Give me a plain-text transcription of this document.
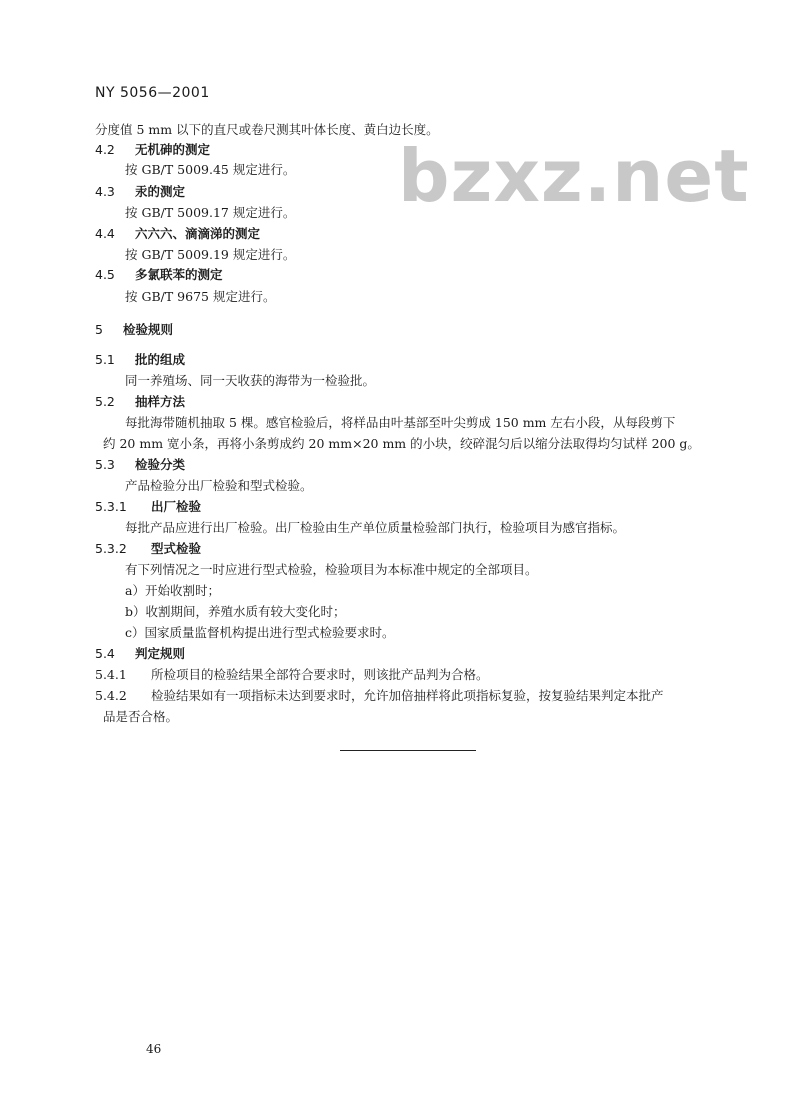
NY 5056—2001
bzxz.net
分度值 5 mm 以下的直尺或卷尺测其叶体长度、黄白边长度。
4.2 无机砷的测定
按 GB/T 5009.45 规定进行。
4.3 汞的测定
按 GB/T 5009.17 规定进行。
4.4 六六六、滴滴涕的测定
按 GB/T 5009.19 规定进行。
4.5 多氯联苯的测定
按 GB/T 9675 规定进行。
5 检验规则
5.1 批的组成
同一养殖场、同一天收获的海带为一检验批。
5.2 抽样方法
每批海带随机抽取 5 棵。感官检验后，将样品由叶基部至叶尖剪成 150 mm 左右小段，从每段剪下
约 20 mm 宽小条，再将小条剪成约 20 mm×20 mm 的小块，绞碎混匀后以缩分法取得均匀试样 200 g。
5.3 检验分类
产品检验分出厂检验和型式检验。
5.3.1 出厂检验
每批产品应进行出厂检验。出厂检验由生产单位质量检验部门执行，检验项目为感官指标。
5.3.2 型式检验
有下列情况之一时应进行型式检验，检验项目为本标准中规定的全部项目。
a）开始收割时；
b）收割期间，养殖水质有较大变化时；
c）国家质量监督机构提出进行型式检验要求时。
5.4 判定规则
5.4.1 所检项目的检验结果全部符合要求时，则该批产品判为合格。
5.4.2 检验结果如有一项指标未达到要求时，允许加倍抽样将此项指标复验，按复验结果判定本批产
品是否合格。
46
